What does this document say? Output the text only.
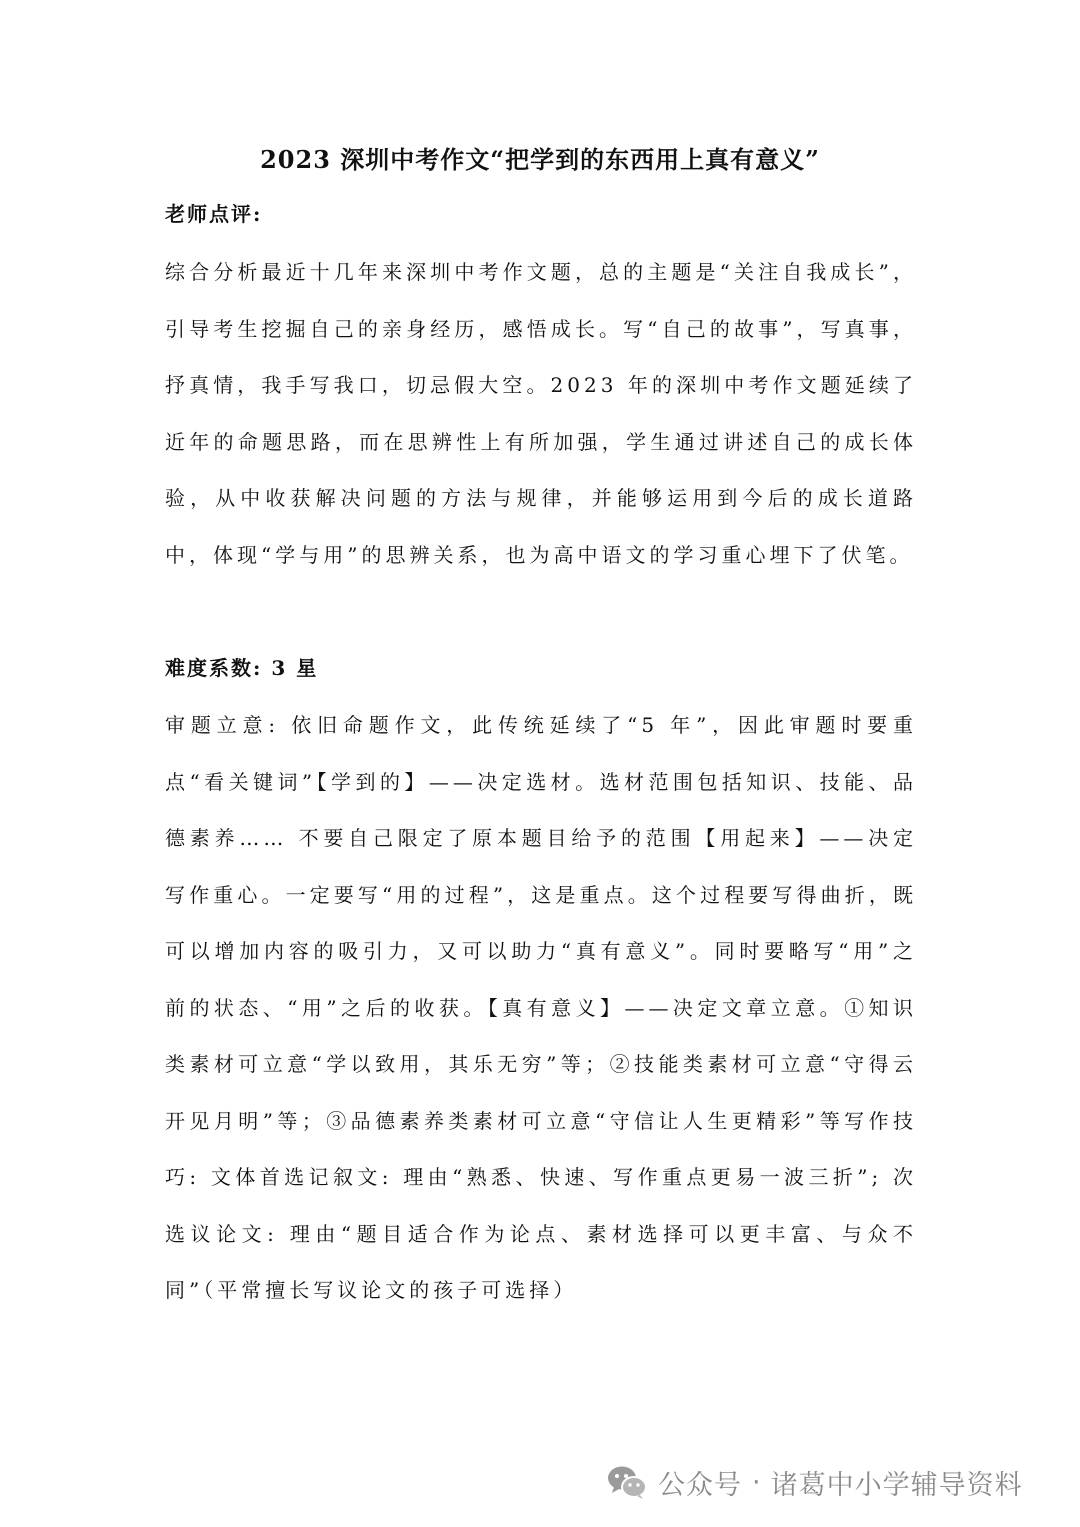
2023 深圳中考作文“把学到的东西用上真有意义”
老师点评:
综合分析最近十几年来深圳中考作文题，总的主题是“关注自我成长”，引导考生挖掘自己的亲身经历，感悟成长。写“自己的故事”，写真事，抒真情，我手写我口，切忌假大空。2023 年的深圳中考作文题延续了近年的命题思路，而在思辨性上有所加强，学生通过讲述自己的成长体验，从中收获解决问题的方法与规律，并能够运用到今后的成长道路中，体现“学与用”的思辨关系，也为高中语文的学习重心埋下了伏笔。
难度系数: 3 星
审题立意: 依旧命题作文，此传统延续了“5 年”，因此审题时要重点“看关键词”【学到的】——决定选材。选材范围包括知识、技能、品德素养…… 不要自己限定了原本题目给予的范围【用起来】——决定写作重心。一定要写“用的过程”，这是重点。这个过程要写得曲折，既可以增加内容的吸引力，又可以助力“真有意义”。同时要略写“用”之前的状态、“用”之后的收获。【真有意义】——决定文章立意。①知识类素材可立意“学以致用，其乐无穷”等；②技能类素材可立意“守得云开见月明”等；③品德素养类素材可立意“守信让人生更精彩”等写作技巧: 文体首选记叙文: 理由“熟悉、快速、写作重点更易一波三折”; 次选议论文: 理由“题目适合作为论点、素材选择可以更丰富、与众不同”（平常擅长写议论文的孩子可选择）
公众号 · 诸葛中小学辅导资料
